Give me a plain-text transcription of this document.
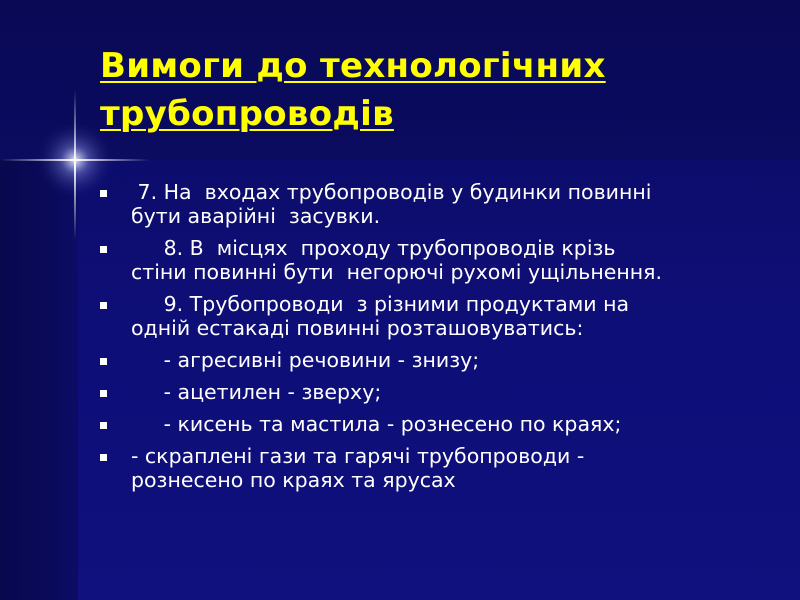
Вимоги до технологічних
трубопроводів
7. На  входах трубопроводів у будинки повинні
бути аварійні  засувки.
8. В  місцях  проходу трубопроводів крізь
стіни повинні бути  негорючі рухомі ущільнення.
9. Трубопроводи  з різними продуктами на
одній естакаді повинні розташовуватись:
- агресивні речовини - знизу;
- ацетилен - зверху;
- кисень та мастила - рознесено по краях;
- скраплені гази та гарячі трубопроводи -
рознесено по краях та ярусах
